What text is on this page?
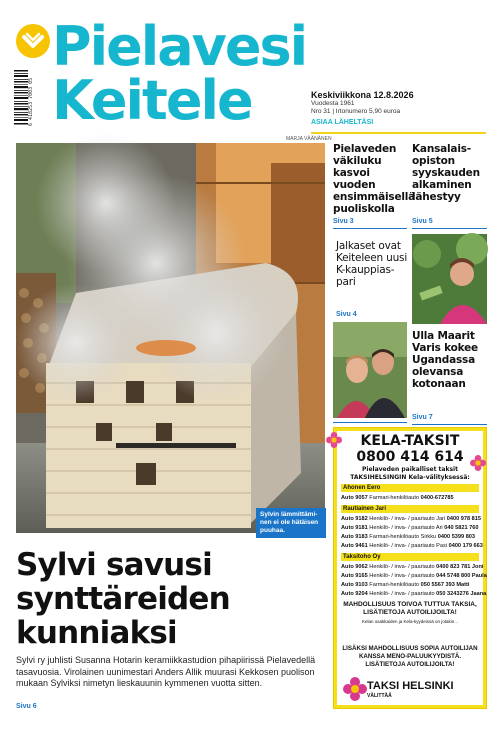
6 418253 7003 05
Pielavesi
Keitele	Keskiviikkona 12.8.2026
Vuodesta 1961
Nro 31 | Irtonumero 5,90 euroa
ASIAA LÄHELTÄSI
MARJA VÄÄNÄNEN
Sylvin lämmittämi-nen ei ole hätäisen puuhaa.
Sylvi savusi synttäreiden kunniaksi
Sylvi ry juhlisti Susanna Hotarin keramiikkastudion pihapiirissä Pielavedellä tasavuosia. Virolainen uunimestari Anders Allik muurasi Kekkosen puolison mukaan Sylviksi nimetyn lieskauunin kymmenen vuotta sitten.
Sivu 6
Pielaveden väkiluku kasvoi vuoden ensimmäisellä puoliskolla
Sivu 3
Kansalais-opiston syyskauden alkaminen lähestyy
Sivu 5
Jalkaset ovat Keiteleen uusi K-kauppias-pari
Sivu 4
Ulla Maarit Varis kokee Ugandassa olevansa kotonaan
Sivu 7
KELA-TAKSIT
0800 414 614
Pielaveden paikalliset taksit
TAKSIHELSINGIN Kela-välityksessä:
Ahonen Eero
Auto 9057 Farmari-henkilöauto 0400-672785
Rautiainen Jari
Auto 9182 Henkilö- / inva- / paariauto Jari 0400 978 815
Auto 9181 Henkilö- / inva- / paariauto Ari 040 5821 760
Auto 9183 Farmari-henkilöauto Sirkku 0400 5399 803
Auto 9461 Henkilö- / inva- / paariauto Pasi 0400 179 663
Taksitoho Oy
Auto 9062 Henkilö- / inva- / paariauto 0400 823 781 Joni
Auto 9165 Henkilö- / inva- / paariauto 044 5748 800 Paula
Auto 9103 Farmari-henkilöauto 050 5567 393 Matti
Auto 9204 Henkilö- / inva- / paariauto 050 3243276 Jaana
MAHDOLLISUUS TOIVOA TUTTUA TAKSIA, LISÄTIETOJA AUTOILIJOILTA!
Kelan osakkaiden ja Kela-kyydeissä on jotakin...
LISÄKSI MAHDOLLISUUS SOPIA AUTOILIJAN KANSSA MENO-PALUUKYYDISTÄ. LISÄTIETOJA AUTOILIJOILTA!
TAKSI HELSINKI
VÄLITTÄÄ
